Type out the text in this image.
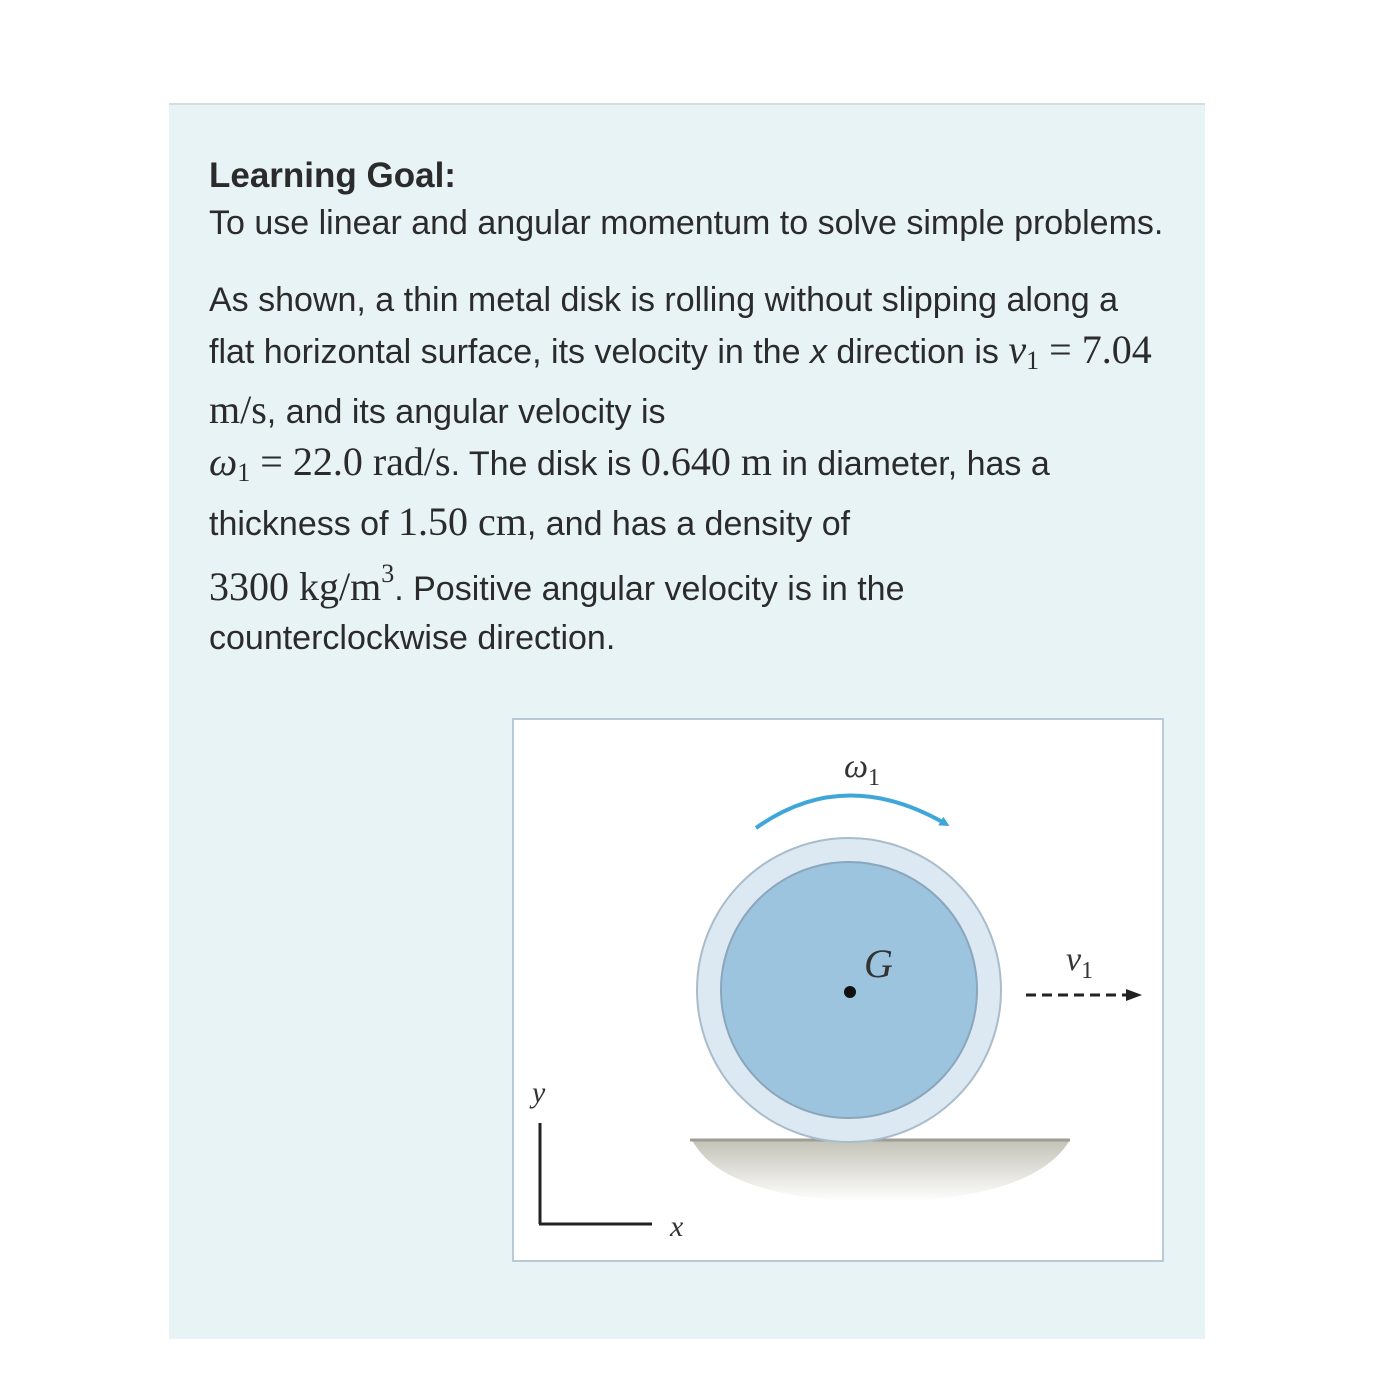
Learning Goal:

To use linear and angular momentum to solve simple problems.

As shown, a thin metal disk is rolling without slipping along a flat horizontal surface, its velocity in the x direction is $v_1 = 7.04$ m/s, and its angular velocity is
$\omega_1 = 22.0$ rad/s. The disk is 0.640 m in diameter, has a thickness of 1.50 cm, and has a density of
3300 $kg/m^3$. Positive angular velocity is in the counterclockwise direction.

G
$\omega_1$
$v_1$
y
x
